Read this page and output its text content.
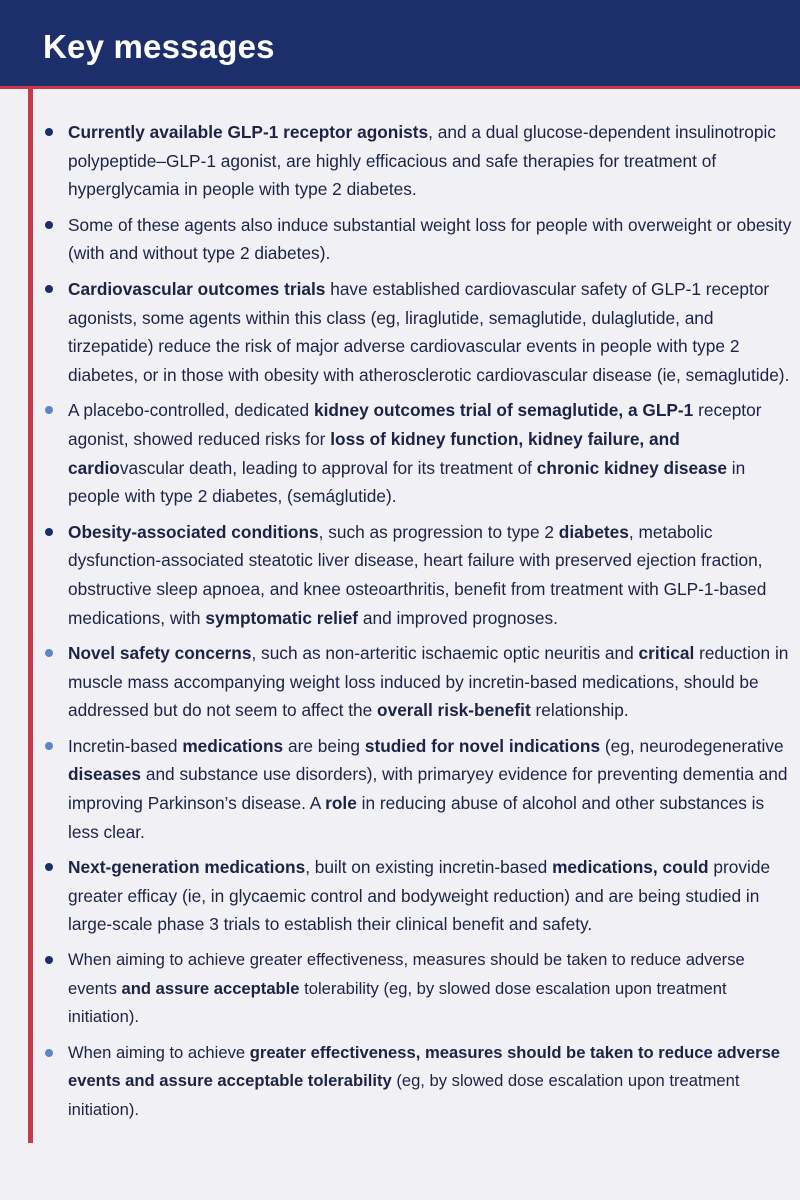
Key messages
Currently available GLP-1 receptor agonists, and a dual glucose-dependent insulinotropic polypeptide–GLP-1 agonist, are highly efficacious and safe therapies for treatment of hyperglycamia in people with type 2 diabetes.
Some of these agents also induce substantial weight loss for people with overweight or obesity (with and without type 2 diabetes).
Cardiovascular outcomes trials have established cardiovascular safety of GLP-1 receptor agonists, some agents within this class (eg, liraglutide, semaglutide, dulaglutide, and tirzepatide) reduce the risk of major adverse cardiovascular events in people with type 2 diabetes, or in those with obesity with atherosclerotic cardiovascular disease (ie, semaglutide).
A placebo-controlled, dedicated kidney outcomes trial of semaglutide, a GLP-1 receptor agonist, showed reduced risks for loss of kidney function, kidney failure, and cardiovascular death, leading to approval for its treatment of chronic kidney disease in people with type 2 diabetes, (semáglutide).
Obesity-associated conditions, such as progression to type 2 diabetes, metabolic dysfunction-associated steatotic liver disease, heart failure with preserved ejection fraction, obstructive sleep apnoea, and knee osteoarthritis, benefit from treatment with GLP-1-based medications, with symptomatic relief and improved prognoses.
Novel safety concerns, such as non-arteritic ischaemic optic neuritis and critical reduction in muscle mass accompanying weight loss induced by incretin-based medications, should be addressed but do not seem to affect the overall risk-benefit relationship.
Incretin-based medications are being studied for novel indications (eg, neurodegenerative diseases and substance use disorders), with primaryey evidence for preventing dementia and improving Parkinson’s disease. A role in reducing abuse of alcohol and other substances is less clear.
Next-generation medications, built on existing incretin-based medications, could provide greater efficay (ie, in glycaemic control and bodyweight reduction) and are being studied in large-scale phase 3 trials to establish their clinical benefit and safety.
When aiming to achieve greater effectiveness, measures should be taken to reduce adverse events and assure acceptable tolerability (eg, by slowed dose escalation upon treatment initiation).
When aiming to achieve greater effectiveness, measures should be taken to reduce adverse events and assure acceptable tolerability (eg, by slowed dose escalation upon treatment initiation).
